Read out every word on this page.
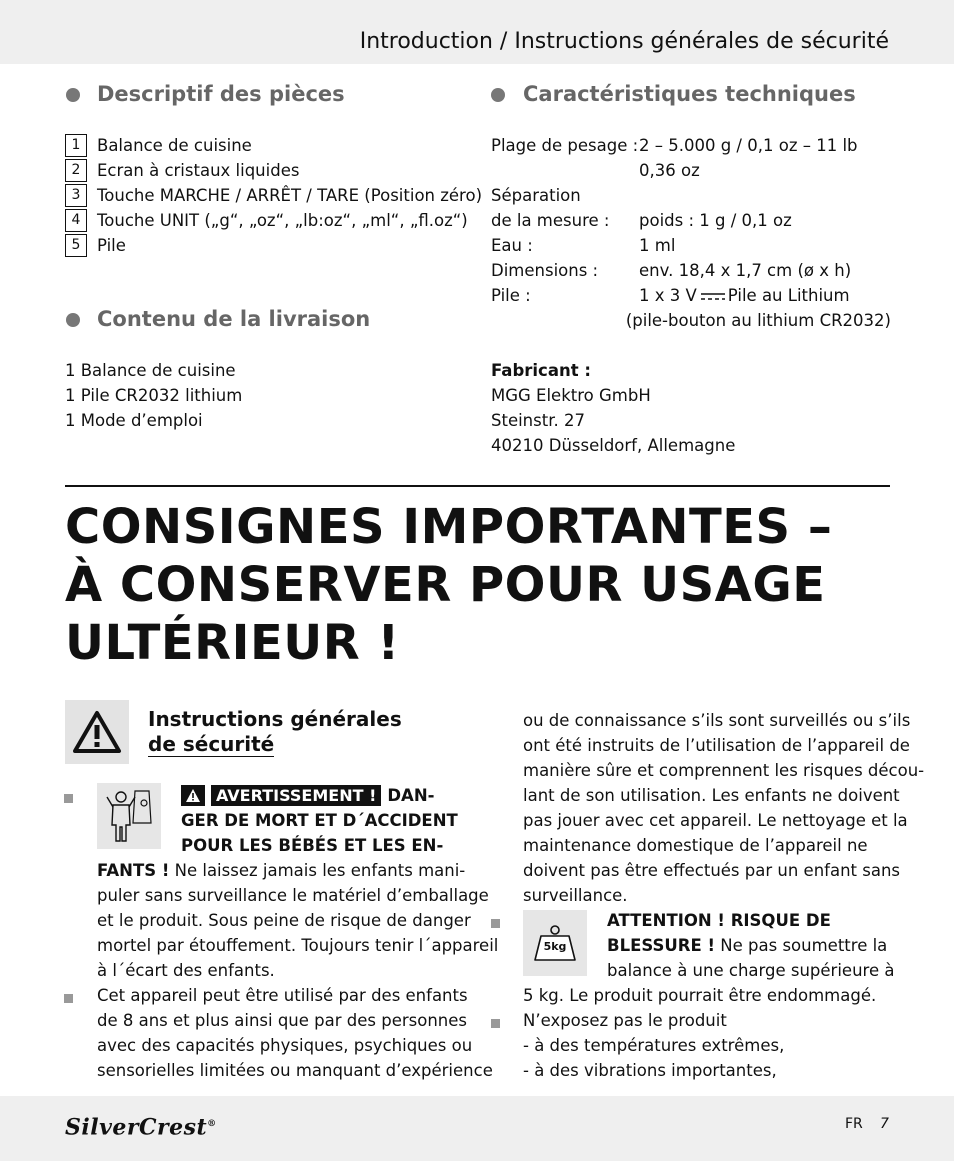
Introduction / Instructions générales de sécurité
Descriptif des pièces
1	Balance de cuisine
2	Ecran à cristaux liquides
3	Touche MARCHE / ARRÊT / TARE (Position zéro)
4	Touche UNIT („g“, „oz“, „lb:oz“, „ml“, „fl.oz“)
5	Pile
Contenu de la livraison
1 Balance de cuisine
1 Pile CR2032 lithium
1 Mode d’emploi
Caractéristiques techniques
Plage de pesage : 2 – 5.000 g / 0,1 oz – 11 lb
0,36 oz
Séparation
de la mesure :	poids : 1 g / 0,1 oz
Eau :	1 ml
Dimensions :	env. 18,4 x 1,7 cm (ø x h)
Pile :	1 x 3 V Pile au Lithium
(pile-bouton au lithium CR2032)
Fabricant :
MGG Elektro GmbH
Steinstr. 27
40210 Düsseldorf, Allemagne
CONSIGNES IMPORTANTES –
À CONSERVER POUR USAGE
ULTÉRIEUR !
Instructions générales
de sécurité
AVERTISSEMENT ! DAN-
GER DE MORT ET D´ACCIDENT
POUR LES BÉBÉS ET LES EN-
FANTS ! Ne laissez jamais les enfants mani-
puler sans surveillance le matériel d’emballage
et le produit. Sous peine de risque de danger
mortel par étouffement. Toujours tenir l´appareil
à l´écart des enfants.
Cet appareil peut être utilisé par des enfants
de 8 ans et plus ainsi que par des personnes
avec des capacités physiques, psychiques ou
sensorielles limitées ou manquant d’expérience
ou de connaissance s’ils sont surveillés ou s’ils
ont été instruits de l’utilisation de l’appareil de
manière sûre et comprennent les risques décou-
lant de son utilisation. Les enfants ne doivent
pas jouer avec cet appareil. Le nettoyage et la
maintenance domestique de l’appareil ne
doivent pas être effectués par un enfant sans
surveillance.
5kg
ATTENTION ! RISQUE DE
BLESSURE ! Ne pas soumettre la
balance à une charge supérieure à
5 kg. Le produit pourrait être endommagé.
N’exposez pas le produit
- à des températures extrêmes,
- à des vibrations importantes,
SilverCrest®	FR 7
